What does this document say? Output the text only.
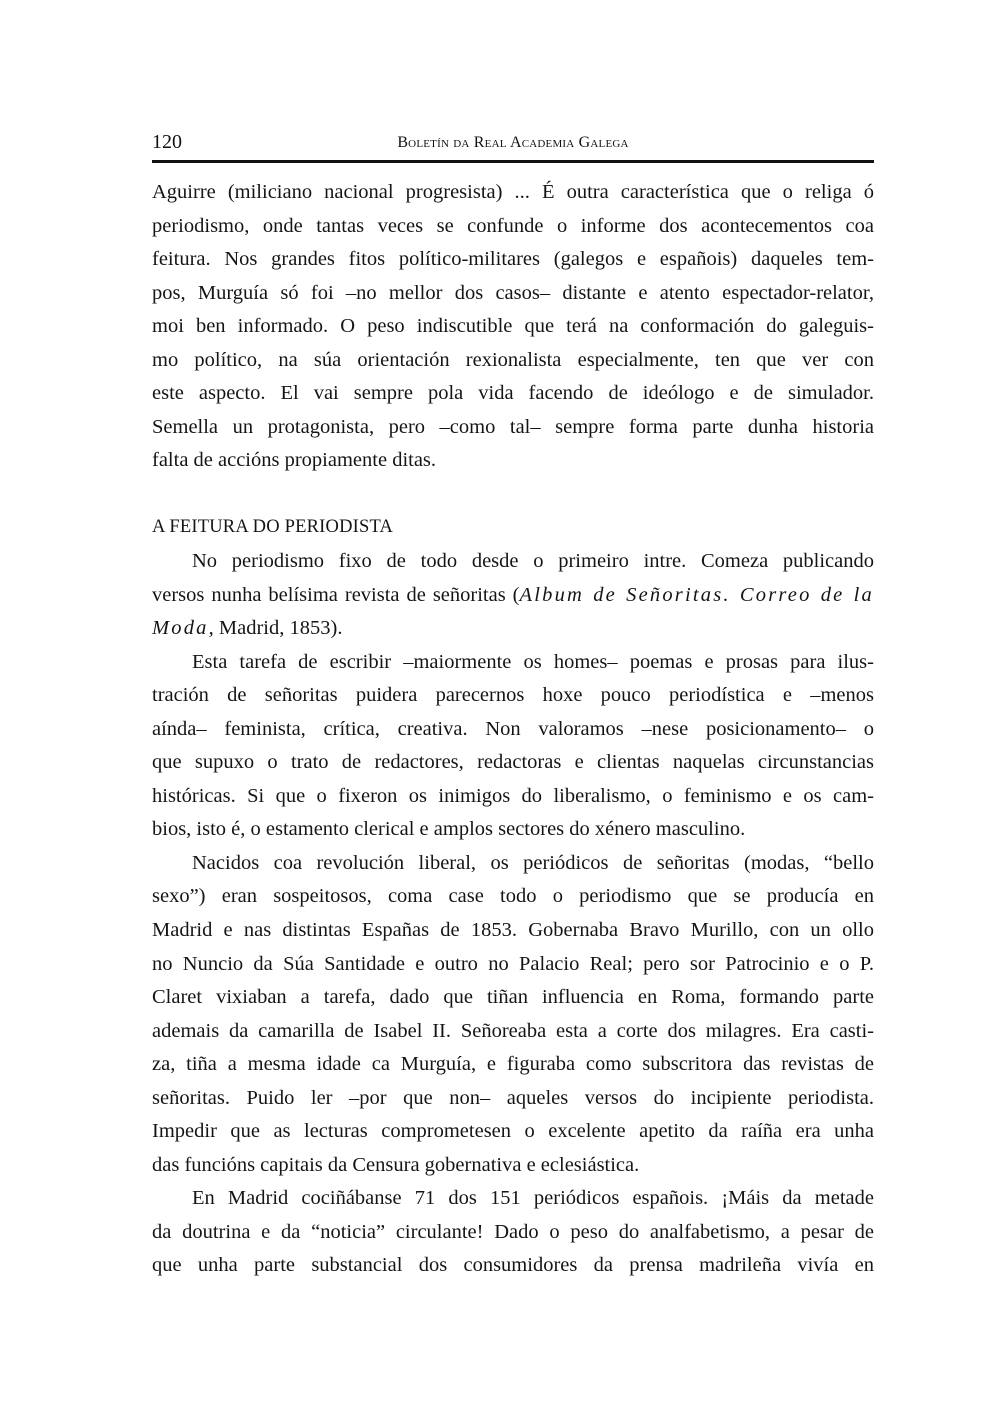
120	Boletín da Real Academia Galega
Aguirre (miliciano nacional progresista) ... É outra característica que o religa ó
periodismo, onde tantas veces se confunde o informe dos acontecementos coa
feitura. Nos grandes fitos político-militares (galegos e españois) daqueles tem-
pos, Murguía só foi –no mellor dos casos– distante e atento espectador-relator,
moi ben informado. O peso indiscutible que terá na conformación do galeguis-
mo político, na súa orientación rexionalista especialmente, ten que ver con
este aspecto. El vai sempre pola vida facendo de ideólogo e de simulador.
Semella un protagonista, pero –como tal– sempre forma parte dunha historia
falta de accións propiamente ditas.
A FEITURA DO PERIODISTA
No periodismo fixo de todo desde o primeiro intre. Comeza publicando
versos nunha belísima revista de señoritas (Album de Señoritas. Correo de la
Moda, Madrid, 1853).
Esta tarefa de escribir –maiormente os homes– poemas e prosas para ilus-
tración de señoritas puidera parecernos hoxe pouco periodística e –menos
aínda– feminista, crítica, creativa. Non valoramos –nese posicionamento– o
que supuxo o trato de redactores, redactoras e clientas naquelas circunstancias
históricas. Si que o fixeron os inimigos do liberalismo, o feminismo e os cam-
bios, isto é, o estamento clerical e amplos sectores do xénero masculino.
Nacidos coa revolución liberal, os periódicos de señoritas (modas, “bello
sexo”) eran sospeitosos, coma case todo o periodismo que se producía en
Madrid e nas distintas Españas de 1853. Gobernaba Bravo Murillo, con un ollo
no Nuncio da Súa Santidade e outro no Palacio Real; pero sor Patrocinio e o P.
Claret vixiaban a tarefa, dado que tiñan influencia en Roma, formando parte
ademais da camarilla de Isabel II. Señoreaba esta a corte dos milagres. Era casti-
za, tiña a mesma idade ca Murguía, e figuraba como subscritora das revistas de
señoritas. Puido ler –por que non– aqueles versos do incipiente periodista.
Impedir que as lecturas comprometesen o excelente apetito da raíña era unha
das funcións capitais da Censura gobernativa e eclesiástica.
En Madrid cociñábanse 71 dos 151 periódicos españois. ¡Máis da metade
da doutrina e da “noticia” circulante! Dado o peso do analfabetismo, a pesar de
que unha parte substancial dos consumidores da prensa madrileña vivía en
